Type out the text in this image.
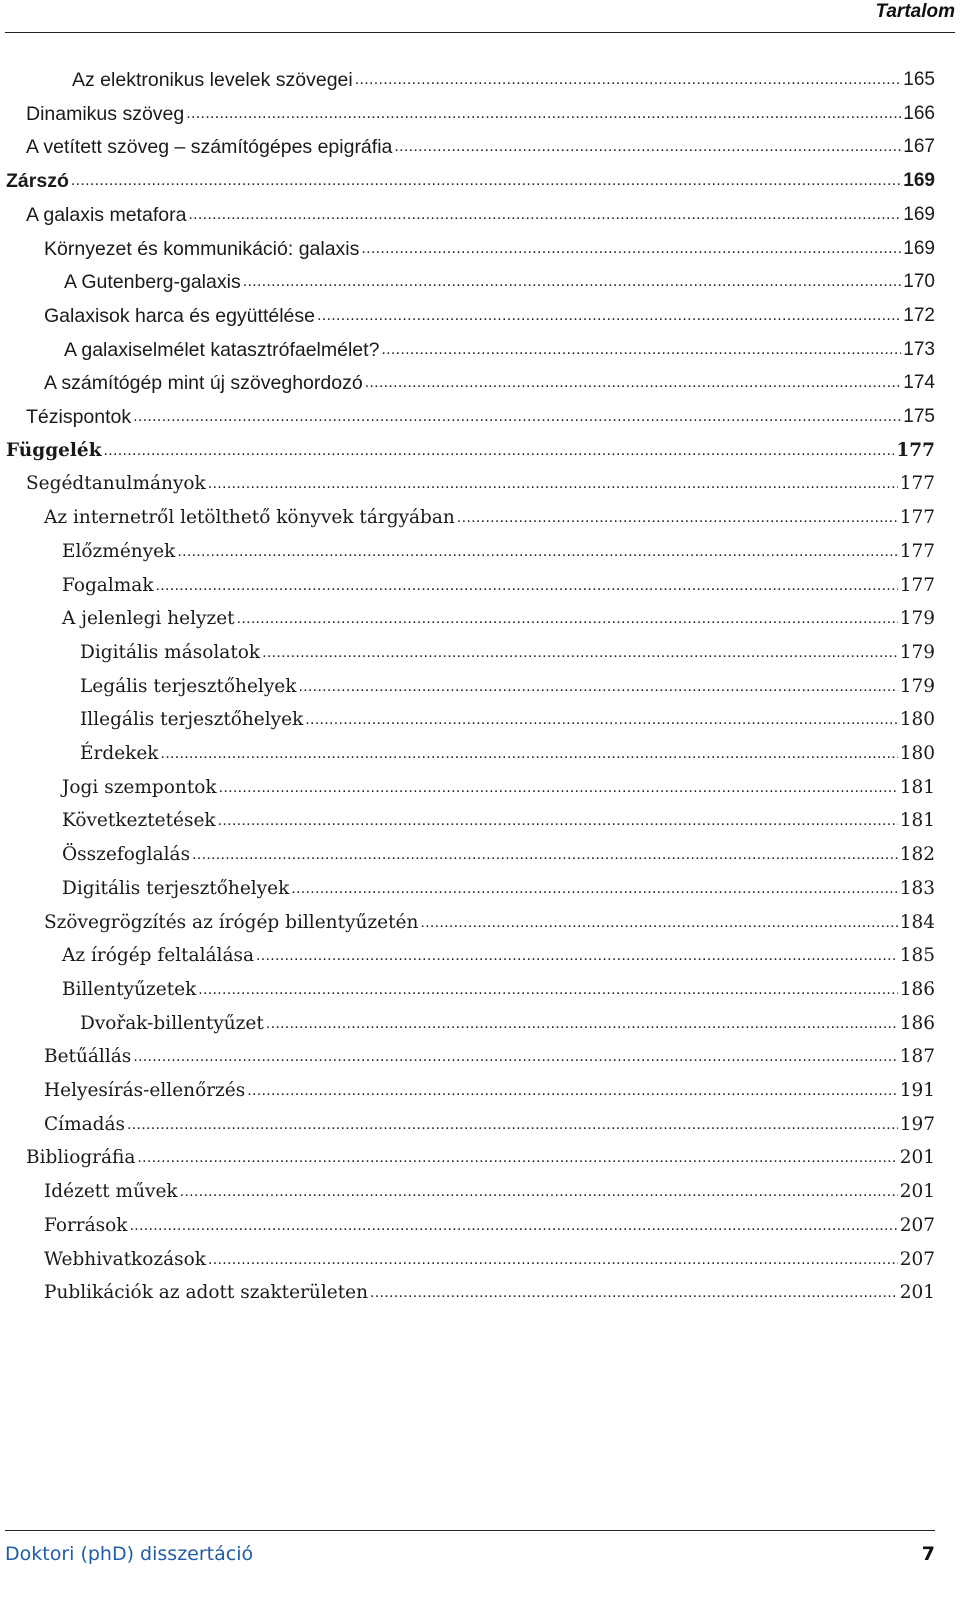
Tartalom
Az elektronikus levelek szövegei .....	165
Dinamikus szöveg .....	166
A vetített szöveg – számítógépes epigráfia .....	167
Zárszó .....	169
A galaxis metafora .....	169
Környezet és kommunikáció: galaxis .....	169
A Gutenberg-galaxis .....	170
Galaxisok harca és együttélése .....	172
A galaxiselmélet katasztrófaelmélet? .....	173
A számítógép mint új szöveghordozó .....	174
Tézispontok .....	175
Függelék .....	177
Segédtanulmányok .....	177
Az internetről letölthető könyvek tárgyában .....	177
Előzmények .....	177
Fogalmak .....	177
A jelenlegi helyzet .....	179
Digitális másolatok .....	179
Legális terjesztőhelyek .....	179
Illegális terjesztőhelyek .....	180
Érdekek .....	180
Jogi szempontok .....	181
Következtetések .....	181
Összefoglalás .....	182
Digitális terjesztőhelyek .....	183
Szövegrögzítés az írógép billentyűzetén .....	184
Az írógép feltalálása .....	185
Billentyűzetek .....	186
Dvořak-billentyűzet .....	186
Betűállás .....	187
Helyesírás-ellenőrzés .....	191
Címadás .....	197
Bibliográfia .....	201
Idézett művek .....	201
Források .....	207
Webhivatkozások .....	207
Publikációk az adott szakterületen .....	201
Doktori (phD) disszertáció	7
